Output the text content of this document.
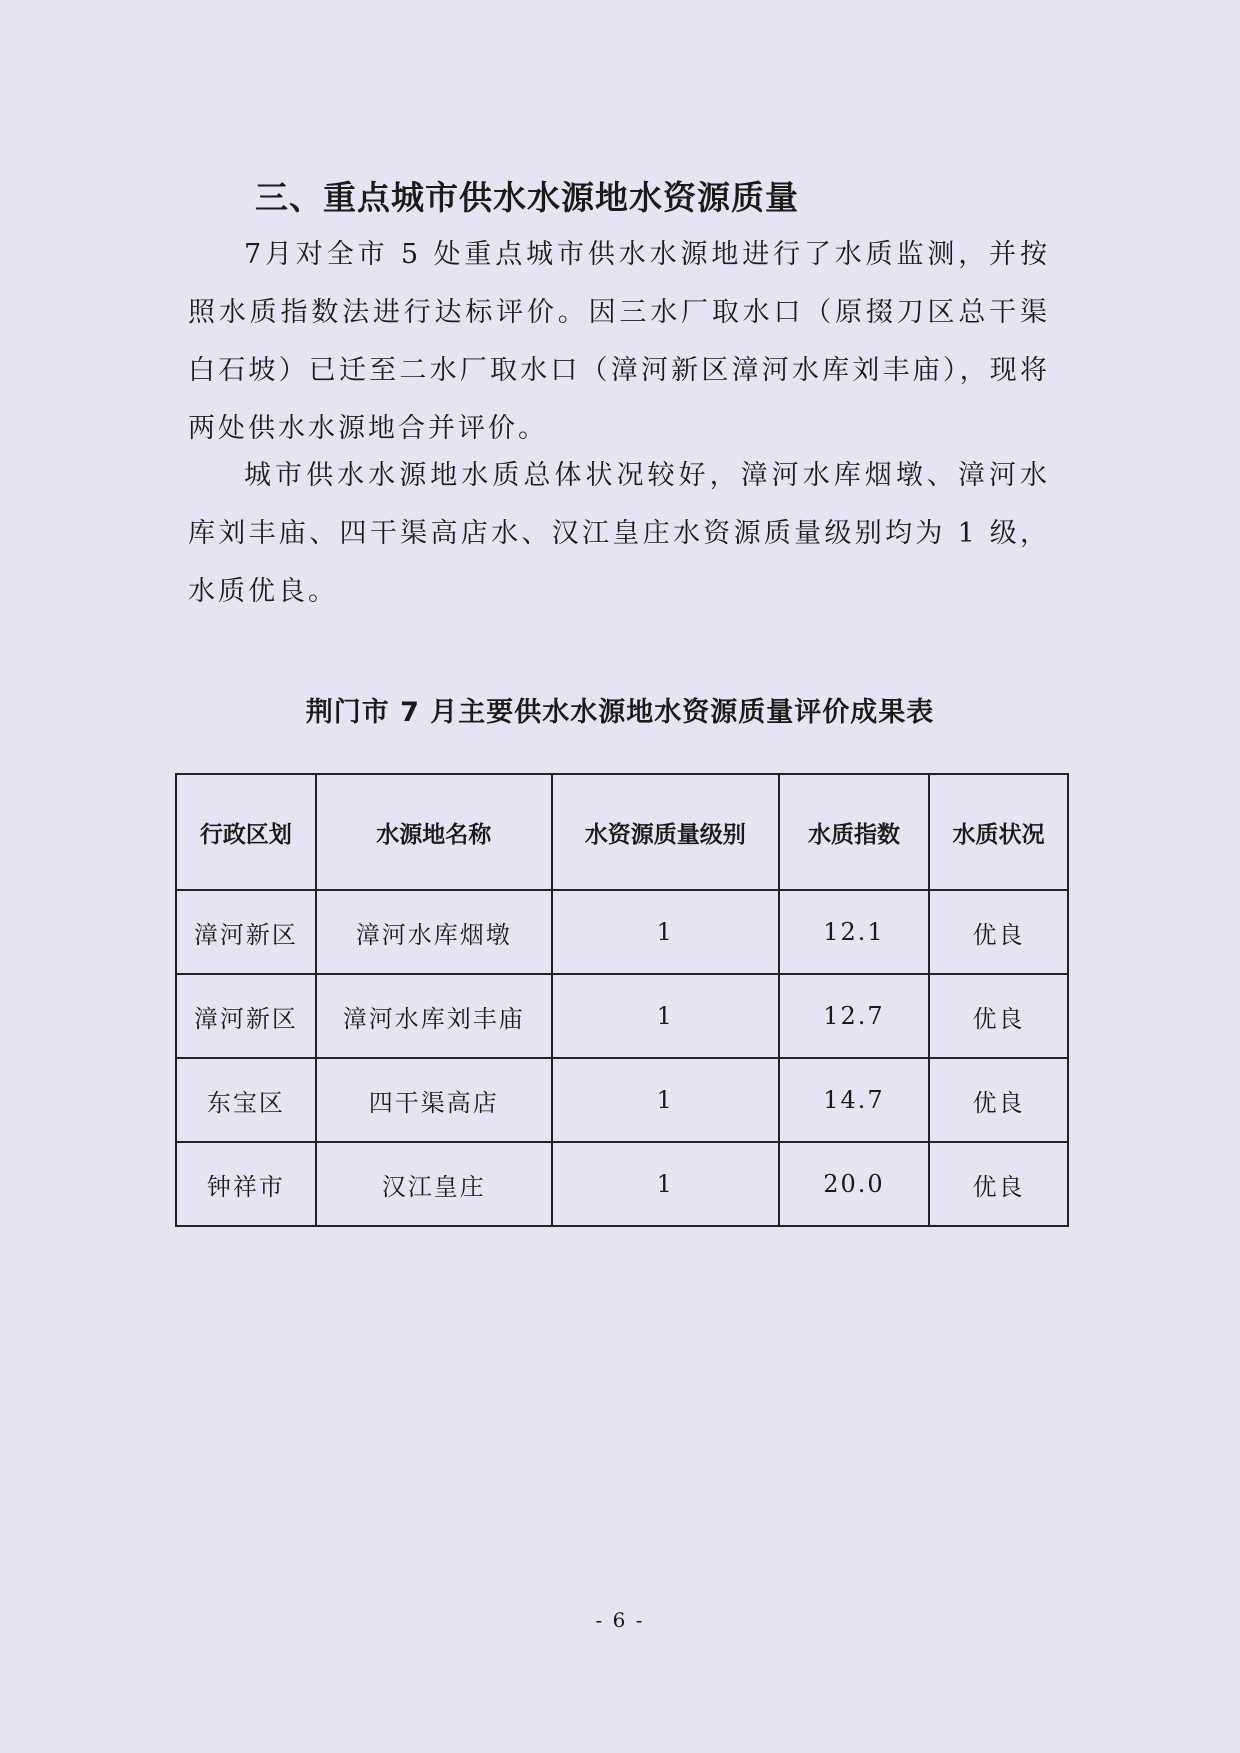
三、重点城市供水水源地水资源质量

7月对全市 5 处重点城市供水水源地进行了水质监测，并按照水质指数法进行达标评价。因三水厂取水口（原掇刀区总干渠白石坡）已迁至二水厂取水口（漳河新区漳河水库刘丰庙），现将两处供水水源地合并评价。

城市供水水源地水质总体状况较好，漳河水库烟墩、漳河水库刘丰庙、四干渠高店水、汉江皇庄水资源质量级别均为 1 级，水质优良。

荆门市 7 月主要供水水源地水资源质量评价成果表
行政区划	水源地名称	水资源质量级别	水质指数	水质状况
漳河新区	漳河水库烟墩	1	12.1	优良
漳河新区	漳河水库刘丰庙	1	12.7	优良
东宝区	四干渠高店	1	14.7	优良
钟祥市	汉江皇庄	1	20.0	优良

- 6 -
